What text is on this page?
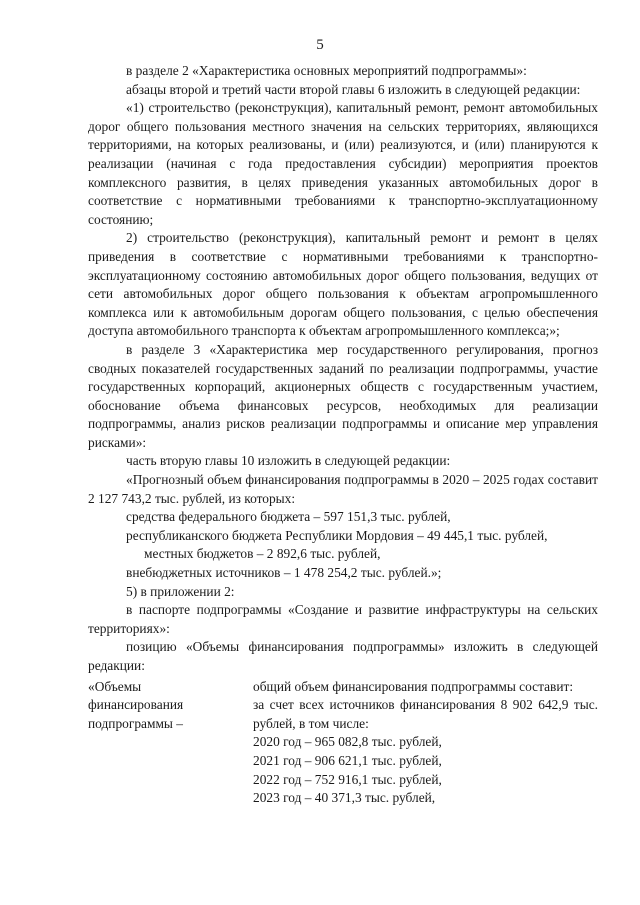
5

в разделе 2 «Характеристика основных мероприятий подпрограммы»:

абзацы второй и третий части второй главы 6 изложить в следующей редакции:

«1) строительство (реконструкция), капитальный ремонт, ремонт автомобильных дорог общего пользования местного значения на сельских территориях, являющихся территориями, на которых реализованы, и (или) реализуются, и (или) планируются к реализации (начиная с года предоставления субсидии) мероприятия проектов комплексного развития, в целях приведения указанных автомобильных дорог в соответствие с нормативными требованиями к транспортно-эксплуатационному состоянию;

2) строительство (реконструкция), капитальный ремонт и ремонт в целях приведения в соответствие с нормативными требованиями к транспортно-эксплуатационному состоянию автомобильных дорог общего пользования, ведущих от сети автомобильных дорог общего пользования к объектам агропромышленного комплекса или к автомобильным дорогам общего пользования, с целью обеспечения доступа автомобильного транспорта к объектам агропромышленного комплекса;»;

в разделе 3 «Характеристика мер государственного регулирования, прогноз сводных показателей государственных заданий по реализации подпрограммы, участие государственных корпораций, акционерных обществ с государственным участием, обоснование объема финансовых ресурсов, необходимых для реализации подпрограммы, анализ рисков реализации подпрограммы и описание мер управления рисками»:

часть вторую главы 10 изложить в следующей редакции:

«Прогнозный объем финансирования подпрограммы в 2020 – 2025 годах составит 2 127 743,2 тыс. рублей, из которых:

средства федерального бюджета – 597 151,3 тыс. рублей,

республиканского бюджета Республики Мордовия – 49 445,1 тыс. рублей,

местных бюджетов – 2 892,6 тыс. рублей,

внебюджетных источников – 1 478 254,2 тыс. рублей.»;

5) в приложении 2:

в паспорте подпрограммы «Создание и развитие инфраструктуры на сельских территориях»:

позицию «Объемы финансирования подпрограммы» изложить в следующей редакции:

«Объемы
финансирования
подпрограммы –

общий объем финансирования подпрограммы составит:

за счет всех источников финансирования 8 902 642,9 тыс. рублей, в том числе:

2020 год – 965 082,8 тыс. рублей,
2021 год – 906 621,1 тыс. рублей,
2022 год – 752 916,1 тыс. рублей,
2023 год – 40 371,3 тыс. рублей,
